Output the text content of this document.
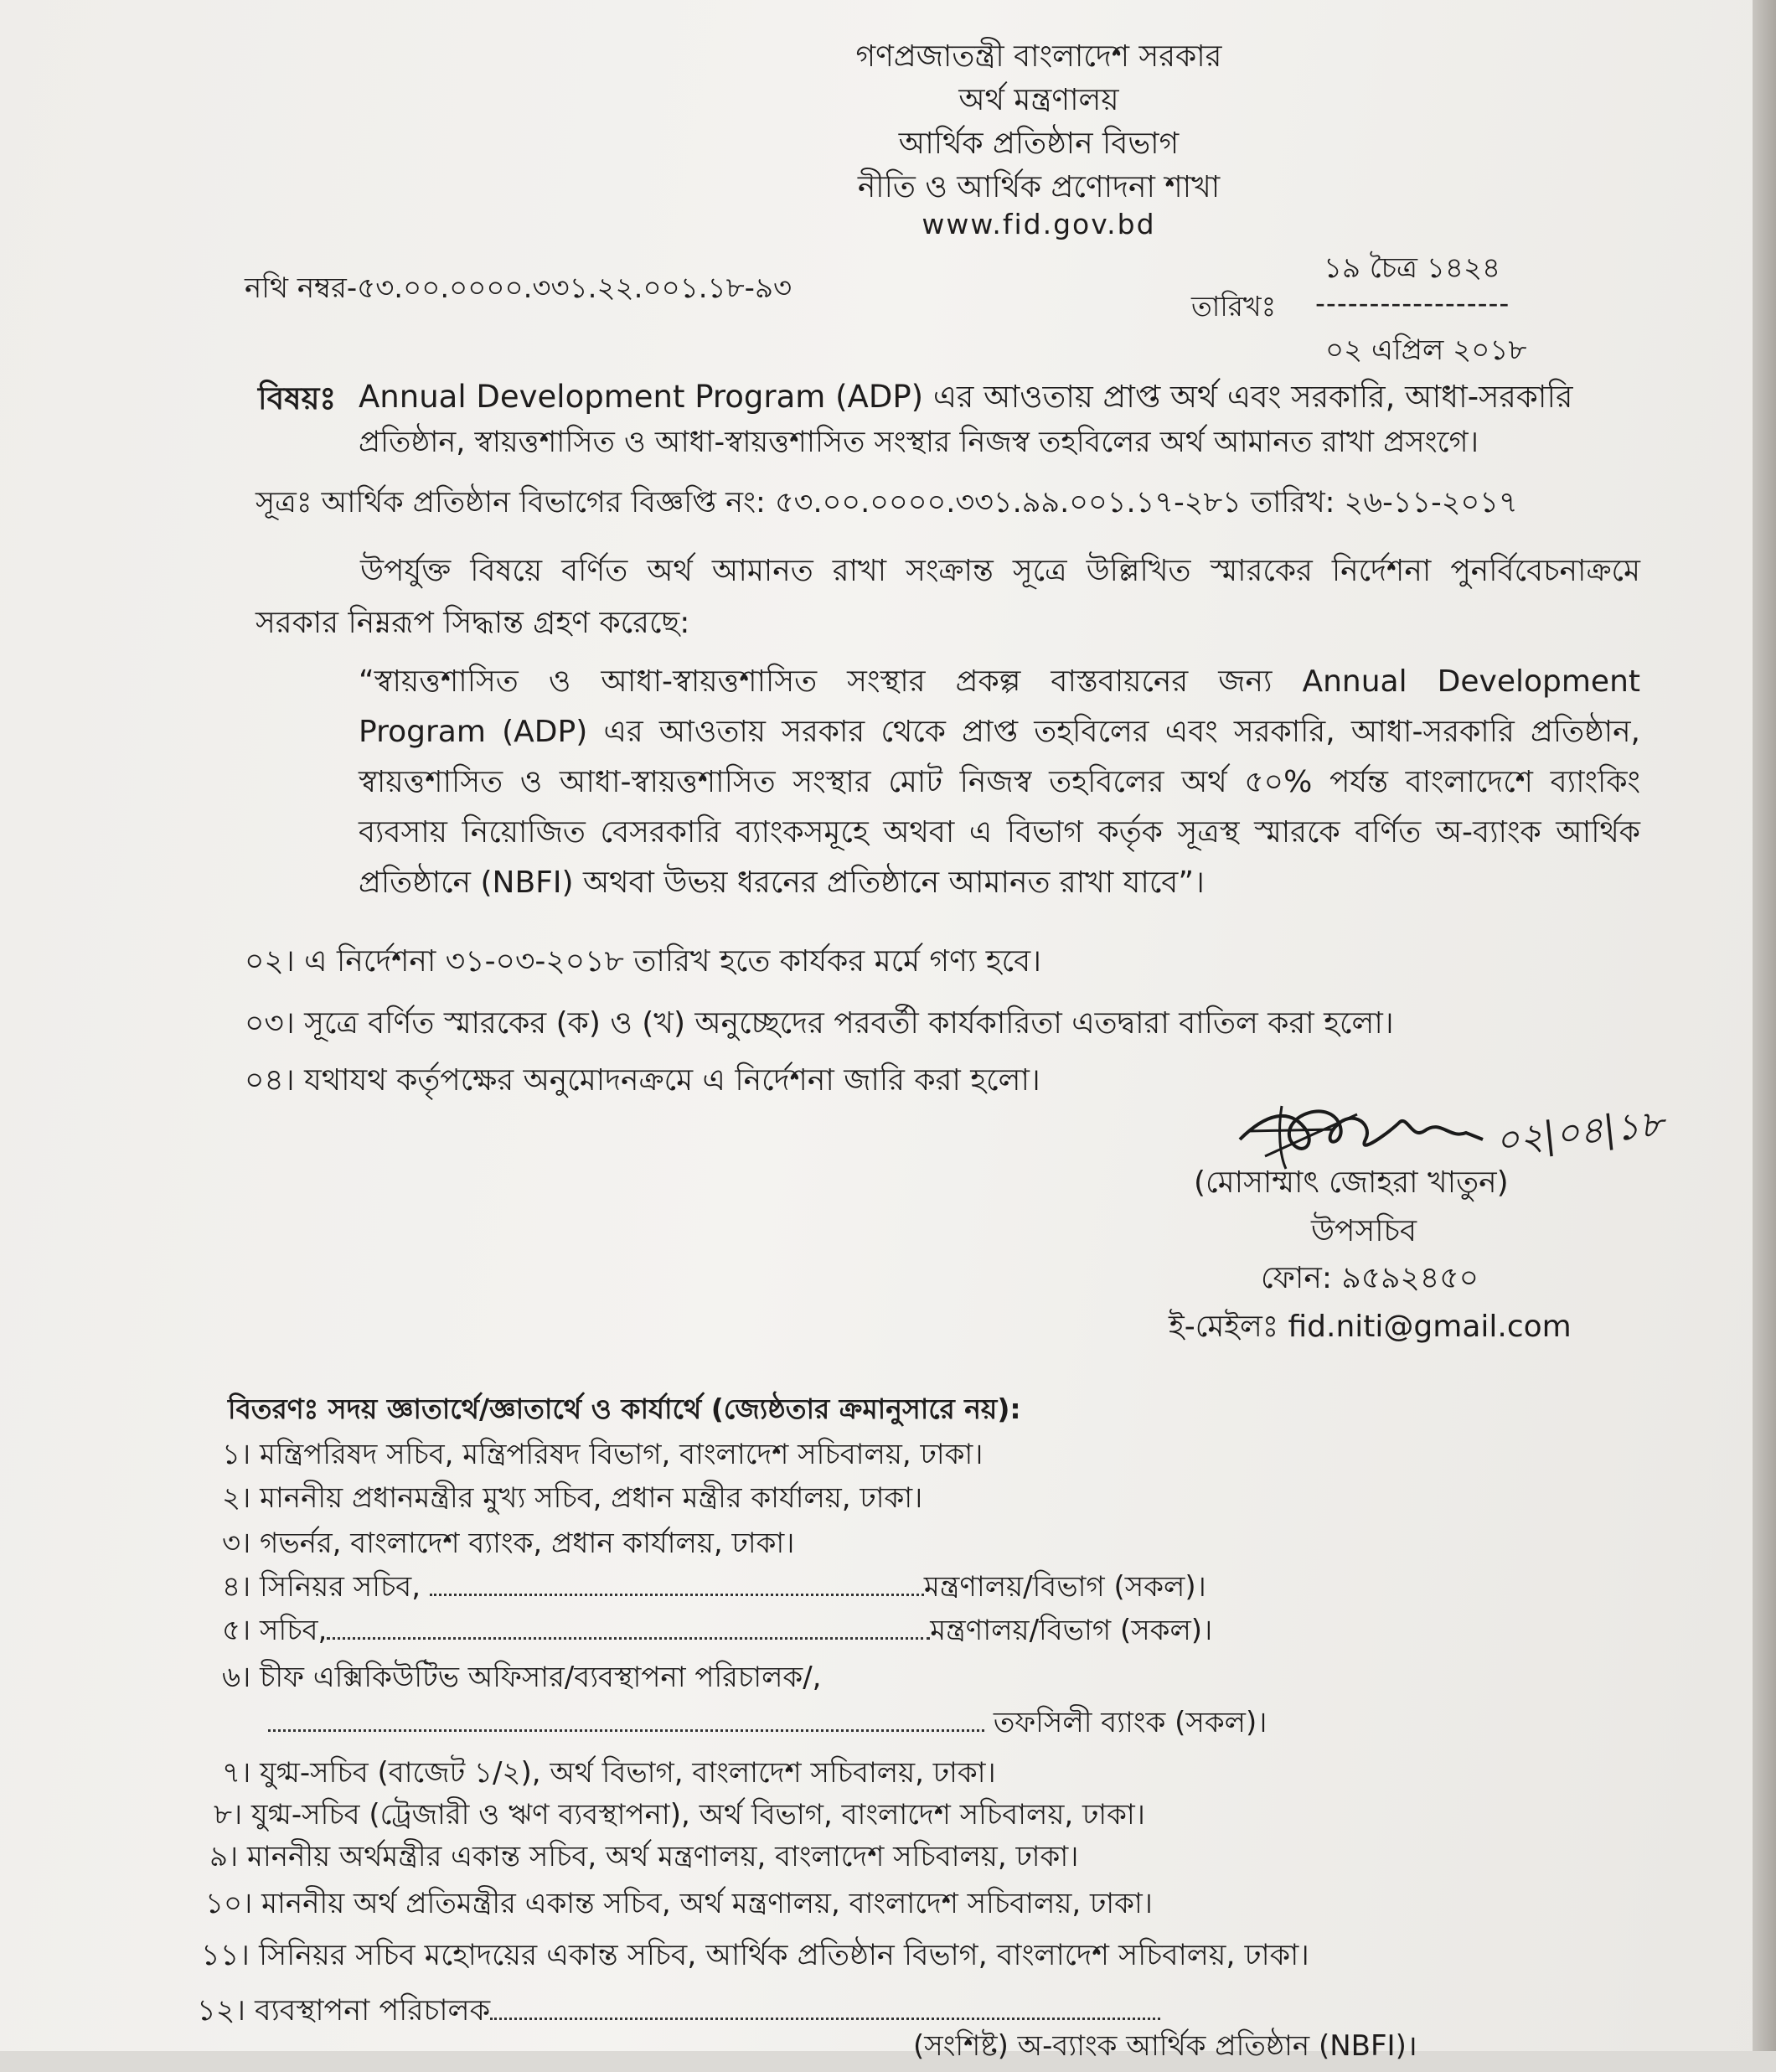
গণপ্রজাতন্ত্রী বাংলাদেশ সরকার
অর্থ মন্ত্রণালয়
আর্থিক প্রতিষ্ঠান বিভাগ
নীতি ও আর্থিক প্রণোদনা শাখা
www.fid.gov.bd
নথি নম্বর-৫৩.০০.০০০০.৩৩১.২২.০০১.১৮-৯৩
১৯ চৈত্র ১৪২৪
তারিখঃ ------------------
০২ এপ্রিল ২০১৮
বিষয়ঃ Annual Development Program (ADP) এর আওতায় প্রাপ্ত অর্থ এবং সরকারি, আধা-সরকারি
প্রতিষ্ঠান, স্বায়ত্তশাসিত ও আধা-স্বায়ত্তশাসিত সংস্থার নিজস্ব তহবিলের অর্থ আমানত রাখা প্রসংগে।
সূত্রঃ আর্থিক প্রতিষ্ঠান বিভাগের বিজ্ঞপ্তি নং: ৫৩.০০.০০০০.৩৩১.৯৯.০০১.১৭-২৮১ তারিখ: ২৬-১১-২০১৭
উপর্যুক্ত বিষয়ে বর্ণিত অর্থ আমানত রাখা সংক্রান্ত সূত্রে উল্লিখিত স্মারকের নির্দেশনা পুনর্বিবেচনাক্রমে
সরকার নিম্নরূপ সিদ্ধান্ত গ্রহণ করেছে:
“স্বায়ত্তশাসিত ও আধা-স্বায়ত্তশাসিত সংস্থার প্রকল্প বাস্তবায়নের জন্য Annual Development
Program (ADP) এর আওতায় সরকার থেকে প্রাপ্ত তহবিলের এবং সরকারি, আধা-সরকারি প্রতিষ্ঠান,
স্বায়ত্তশাসিত ও আধা-স্বায়ত্তশাসিত সংস্থার মোট নিজস্ব তহবিলের অর্থ ৫০% পর্যন্ত বাংলাদেশে ব্যাংকিং
ব্যবসায় নিয়োজিত বেসরকারি ব্যাংকসমূহে অথবা এ বিভাগ কর্তৃক সূত্রস্থ স্মারকে বর্ণিত অ-ব্যাংক আর্থিক
প্রতিষ্ঠানে (NBFI) অথবা উভয় ধরনের প্রতিষ্ঠানে আমানত রাখা যাবে”।
০২। এ নির্দেশনা ৩১-০৩-২০১৮ তারিখ হতে কার্যকর মর্মে গণ্য হবে।
০৩। সূত্রে বর্ণিত স্মারকের (ক) ও (খ) অনুচ্ছেদের পরবর্তী কার্যকারিতা এতদ্বারা বাতিল করা হলো।
০৪। যথাযথ কর্তৃপক্ষের অনুমোদনক্রমে এ নির্দেশনা জারি করা হলো।
০২|০৪|১৮
(মোসাম্মাৎ জোহরা খাতুন)
উপসচিব
ফোন: ৯৫৯২৪৫০
ই-মেইলঃ fid.niti@gmail.com
বিতরণঃ সদয় জ্ঞাতার্থে/জ্ঞাতার্থে ও কার্যার্থে (জ্যেষ্ঠতার ক্রমানুসারে নয়):
১। মন্ত্রিপরিষদ সচিব, মন্ত্রিপরিষদ বিভাগ, বাংলাদেশ সচিবালয়, ঢাকা।
২। মাননীয় প্রধানমন্ত্রীর মুখ্য সচিব, প্রধান মন্ত্রীর কার্যালয়, ঢাকা।
৩। গভর্নর, বাংলাদেশ ব্যাংক, প্রধান কার্যালয়, ঢাকা।
৪। সিনিয়র সচিব,	মন্ত্রণালয়/বিভাগ (সকল)।
৫। সচিব,	মন্ত্রণালয়/বিভাগ (সকল)।
৬। চীফ এক্সিকিউটিভ অফিসার/ব্যবস্থাপনা পরিচালক/,
তফসিলী ব্যাংক (সকল)।
৭। যুগ্ম-সচিব (বাজেট ১/২), অর্থ বিভাগ, বাংলাদেশ সচিবালয়, ঢাকা।
৮। যুগ্ম-সচিব (ট্রেজারী ও ঋণ ব্যবস্থাপনা), অর্থ বিভাগ, বাংলাদেশ সচিবালয়, ঢাকা।
৯। মাননীয় অর্থমন্ত্রীর একান্ত সচিব, অর্থ মন্ত্রণালয়, বাংলাদেশ সচিবালয়, ঢাকা।
১০। মাননীয় অর্থ প্রতিমন্ত্রীর একান্ত সচিব, অর্থ মন্ত্রণালয়, বাংলাদেশ সচিবালয়, ঢাকা।
১১। সিনিয়র সচিব মহোদয়ের একান্ত সচিব, আর্থিক প্রতিষ্ঠান বিভাগ, বাংলাদেশ সচিবালয়, ঢাকা।
১২। ব্যবস্থাপনা পরিচালক
(সংশিষ্ট) অ-ব্যাংক আর্থিক প্রতিষ্ঠান (NBFI)।
